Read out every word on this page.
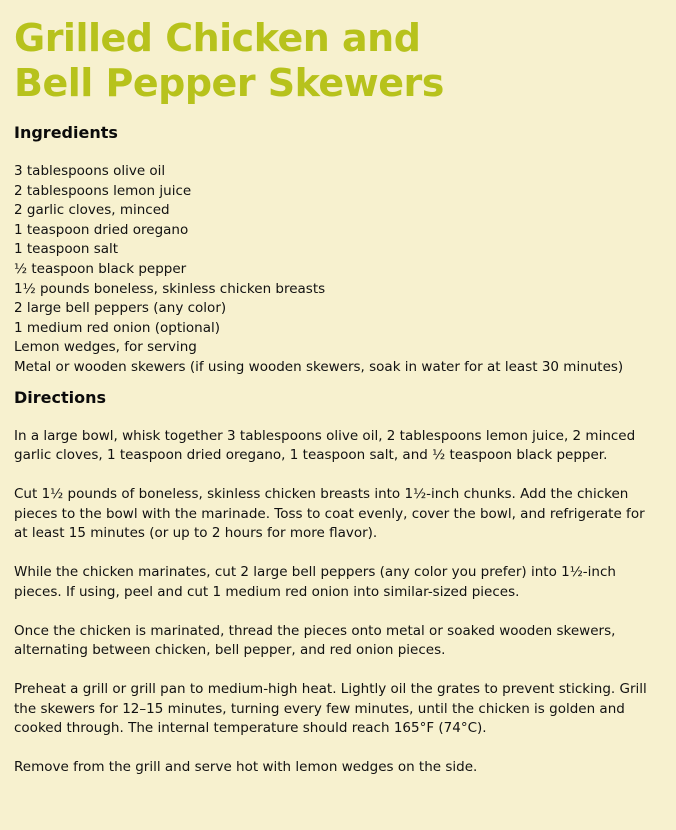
Grilled Chicken and
Bell Pepper Skewers
Ingredients
3 tablespoons olive oil
2 tablespoons lemon juice
2 garlic cloves, minced
1 teaspoon dried oregano
1 teaspoon salt
½ teaspoon black pepper
1½ pounds boneless, skinless chicken breasts
2 large bell peppers (any color)
1 medium red onion (optional)
Lemon wedges, for serving
Metal or wooden skewers (if using wooden skewers, soak in water for at least 30 minutes)
Directions

In a large bowl, whisk together 3 tablespoons olive oil, 2 tablespoons lemon juice, 2 minced garlic cloves, 1 teaspoon dried oregano, 1 teaspoon salt, and ½ teaspoon black pepper.

Cut 1½ pounds of boneless, skinless chicken breasts into 1½-inch chunks. Add the chicken pieces to the bowl with the marinade. Toss to coat evenly, cover the bowl, and refrigerate for at least 15 minutes (or up to 2 hours for more flavor).

While the chicken marinates, cut 2 large bell peppers (any color you prefer) into 1½-inch pieces. If using, peel and cut 1 medium red onion into similar-sized pieces.

Once the chicken is marinated, thread the pieces onto metal or soaked wooden skewers, alternating between chicken, bell pepper, and red onion pieces.

Preheat a grill or grill pan to medium-high heat. Lightly oil the grates to prevent sticking. Grill the skewers for 12–15 minutes, turning every few minutes, until the chicken is golden and cooked through. The internal temperature should reach 165°F (74°C).

Remove from the grill and serve hot with lemon wedges on the side.
